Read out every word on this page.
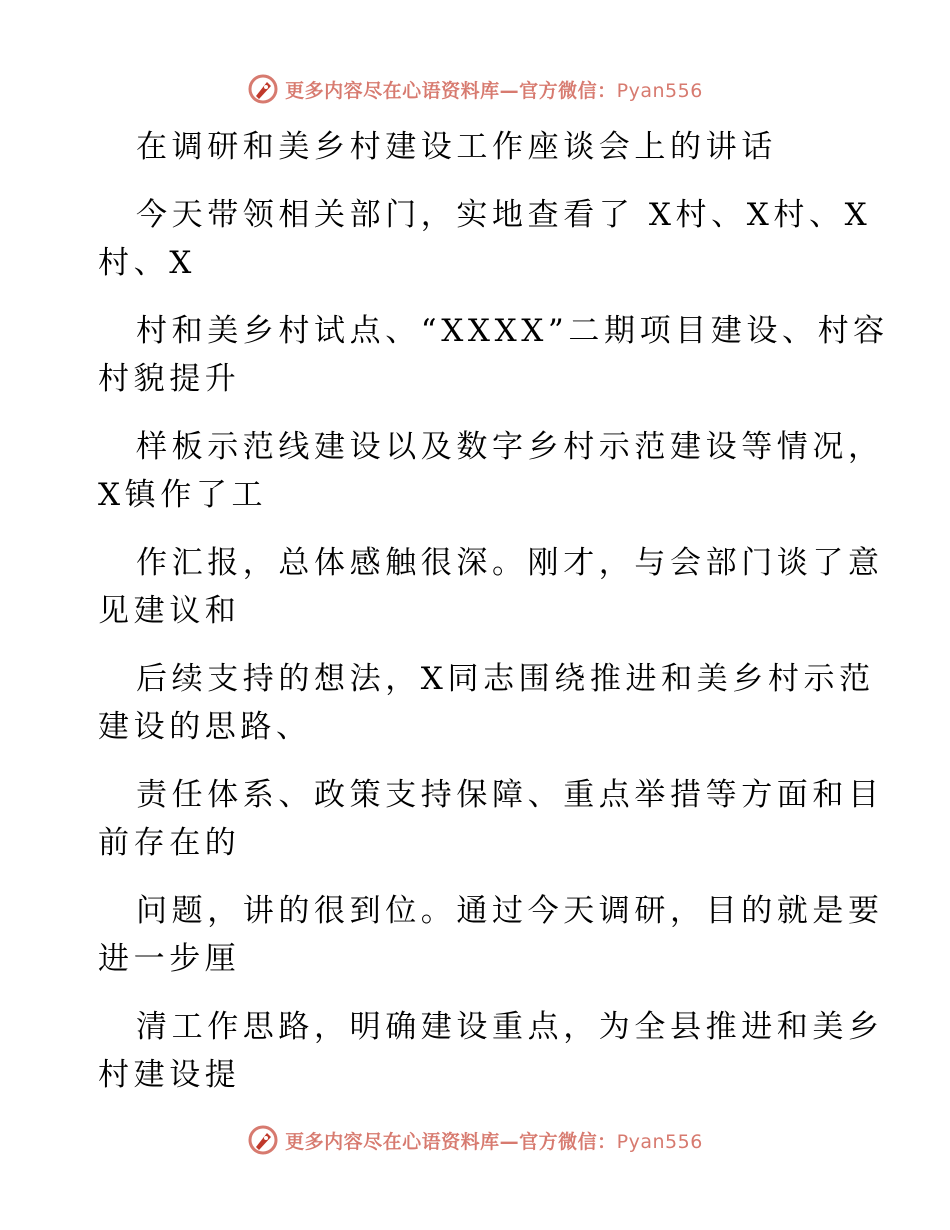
更多内容尽在心语资料库—官方微信：Pyan556

在调研和美乡村建设工作座谈会上的讲话

今天带领相关部门，实地查看了 X村、X村、X

村、X

村和美乡村试点、“XXXX”二期项目建设、村容

村貌提升

样板示范线建设以及数字乡村示范建设等情况，

X镇作了工

作汇报，总体感触很深。刚才，与会部门谈了意

见建议和

后续支持的想法，X同志围绕推进和美乡村示范

建设的思路、

责任体系、政策支持保障、重点举措等方面和目

前存在的

问题，讲的很到位。通过今天调研，目的就是要

进一步厘

清工作思路，明确建设重点，为全县推进和美乡

村建设提

更多内容尽在心语资料库—官方微信：Pyan556
